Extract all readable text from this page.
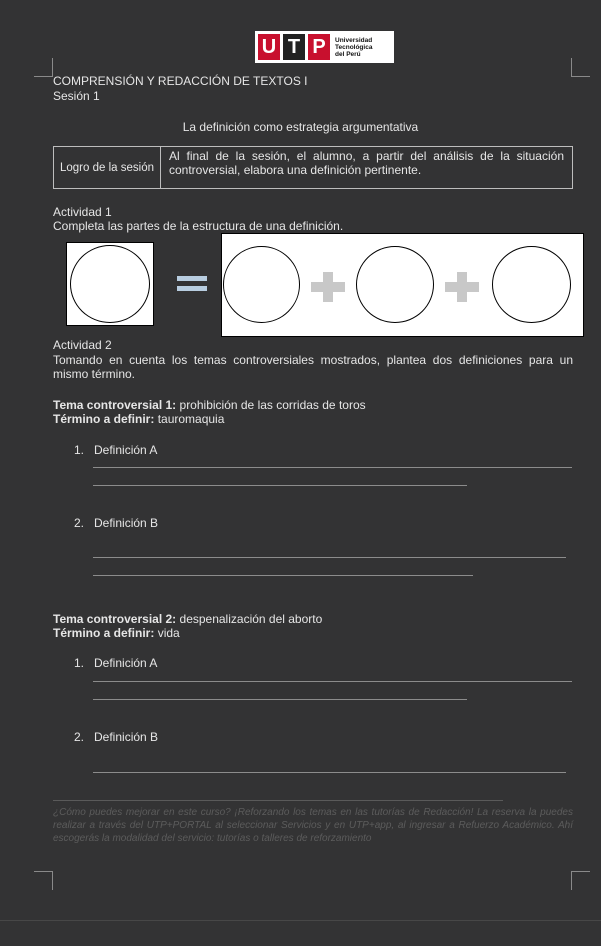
U T P	Universidad
Tecnológica
del Perú
COMPRENSIÓN Y REDACCIÓN DE TEXTOS I
Sesión 1
La definición como estrategia argumentativa
Logro de la sesión
Al final de la sesión, el alumno, a partir del análisis de la situación controversial, elabora una definición pertinente.
Actividad 1
Completa las partes de la estructura de una definición.
Actividad 2
Tomando en cuenta los temas controversiales mostrados, plantea dos definiciones para un mismo término.
Tema controversial 1: prohibición de las corridas de toros
Término a definir: tauromaquia
1.   Definición A
2.   Definición B
Tema controversial 2: despenalización del aborto
Término a definir: vida
1.   Definición A
2.   Definición B
¿Cómo puedes mejorar en este curso? ¡Reforzando los temas en las tutorías de Redacción! La reserva la puedes realizar a través del UTP+PORTAL al seleccionar Servicios y en UTP+app, al ingresar a Refuerzo Académico. Ahí escogerás la modalidad del servicio: tutorías o talleres de reforzamiento
